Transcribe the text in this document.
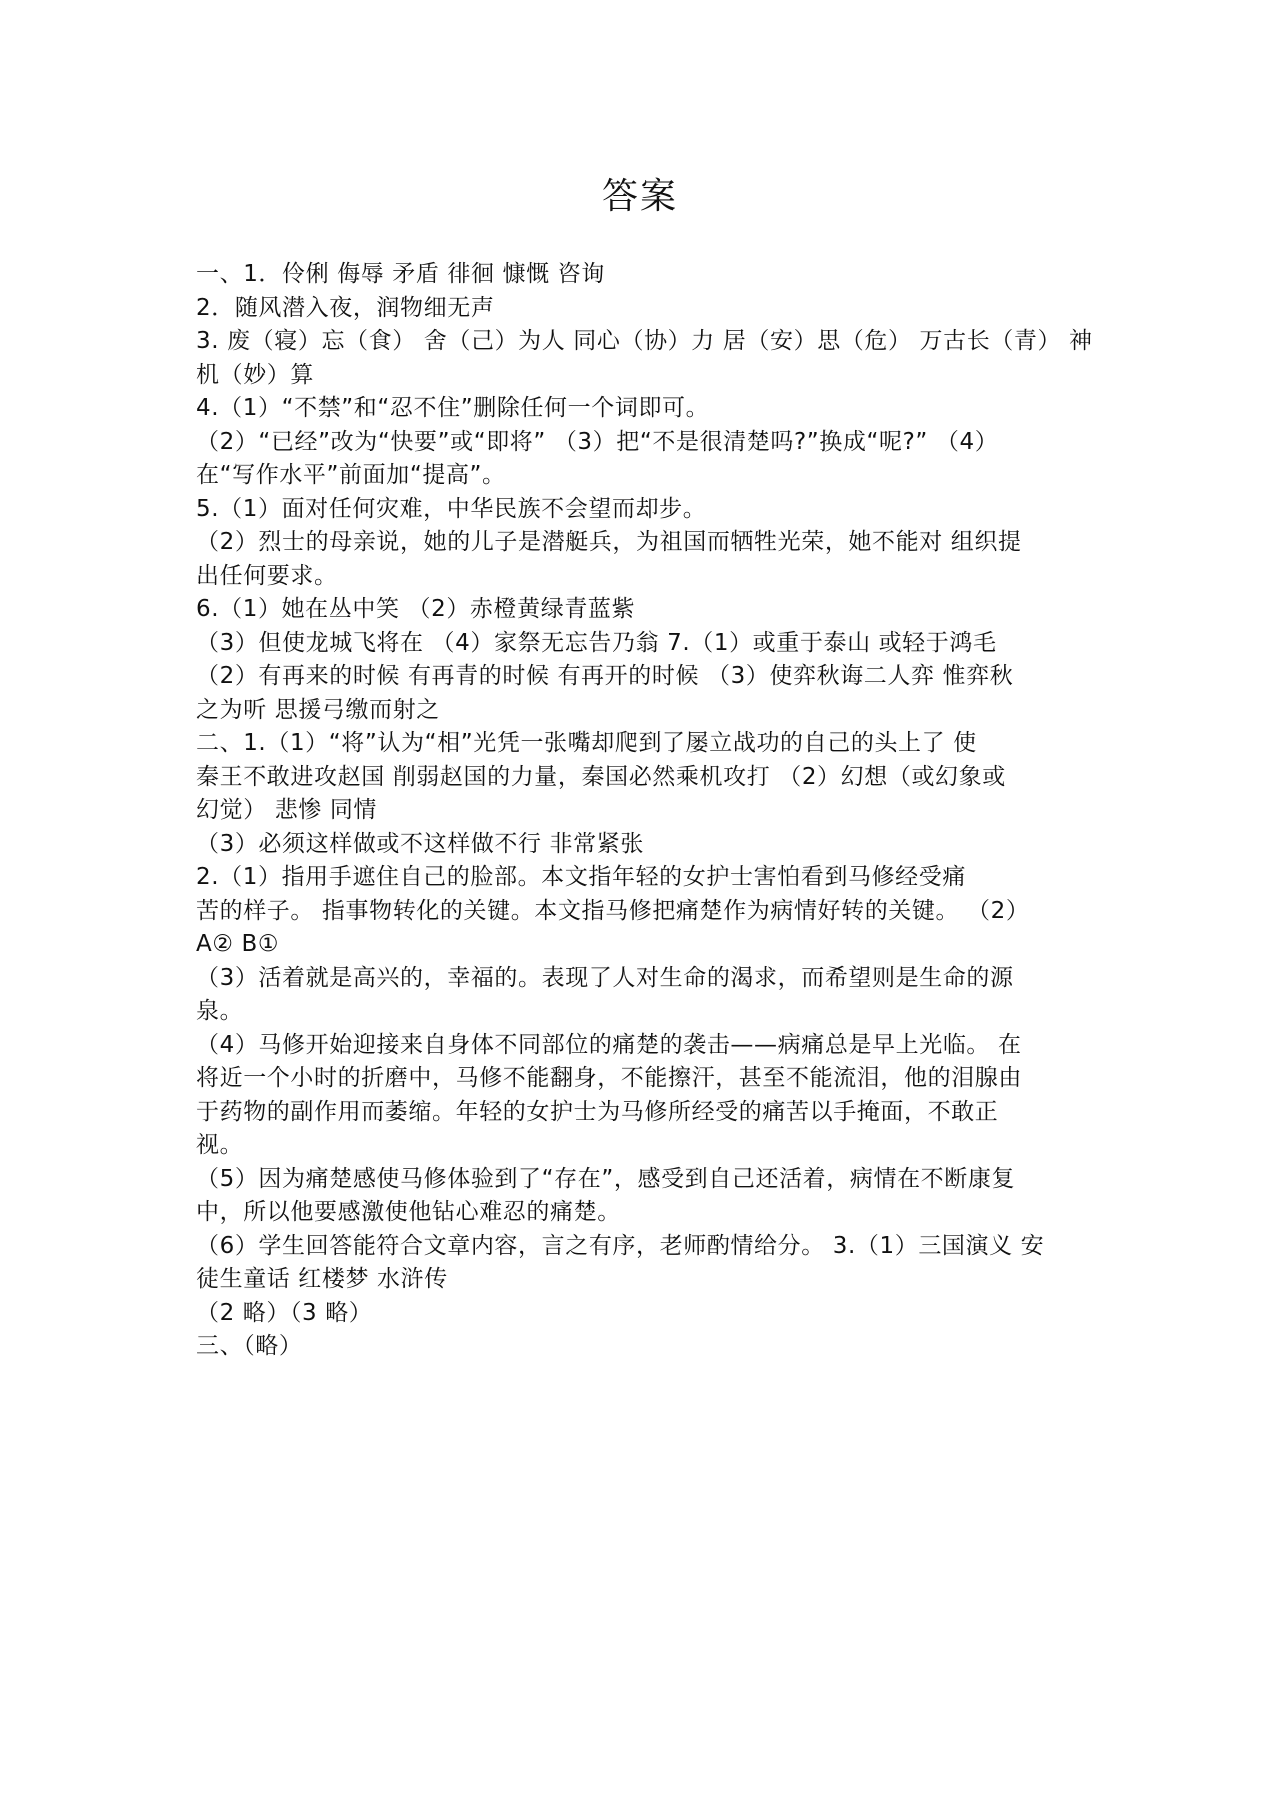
答案

一、1．伶俐 侮辱 矛盾 徘徊 慷慨 咨询

2．随风潜入夜，润物细无声

3. 废（寝）忘（食） 舍（己）为人 同心（协）力 居（安）思（危） 万古长（青） 神

机（妙）算

4.（1）“不禁”和“忍不住”删除任何一个词即可。

（2）“已经”改为“快要”或“即将” （3）把“不是很清楚吗?”换成“呢?” （4）

在“写作水平”前面加“提高”。

5.（1）面对任何灾难，中华民族不会望而却步。

（2）烈士的母亲说，她的儿子是潜艇兵，为祖国而牺牲光荣，她不能对 组织提

出任何要求。

6.（1）她在丛中笑 （2）赤橙黄绿青蓝紫

（3）但使龙城飞将在 （4）家祭无忘告乃翁 7.（1）或重于泰山 或轻于鸿毛

（2）有再来的时候 有再青的时候 有再开的时候 （3）使弈秋诲二人弈 惟弈秋

之为听 思援弓缴而射之

二、1.（1）“将”认为“相”光凭一张嘴却爬到了屡立战功的自己的头上了 使

秦王不敢进攻赵国 削弱赵国的力量，秦国必然乘机攻打 （2）幻想（或幻象或

幻觉） 悲惨 同情

（3）必须这样做或不这样做不行 非常紧张

2.（1）指用手遮住自己的脸部。本文指年轻的女护士害怕看到马修经受痛

苦的样子。 指事物转化的关键。本文指马修把痛楚作为病情好转的关键。 （2）

A② B①

（3）活着就是高兴的，幸福的。表现了人对生命的渴求，而希望则是生命的源

泉。

（4）马修开始迎接来自身体不同部位的痛楚的袭击——病痛总是早上光临。 在

将近一个小时的折磨中，马修不能翻身，不能擦汗，甚至不能流泪，他的泪腺由

于药物的副作用而萎缩。年轻的女护士为马修所经受的痛苦以手掩面，不敢正

视。

（5）因为痛楚感使马修体验到了“存在”，感受到自己还活着，病情在不断康复

中，所以他要感激使他钻心难忍的痛楚。

（6）学生回答能符合文章内容，言之有序，老师酌情给分。 3.（1）三国演义 安

徒生童话 红楼梦 水浒传

（2 略）（3 略）

三、（略）
